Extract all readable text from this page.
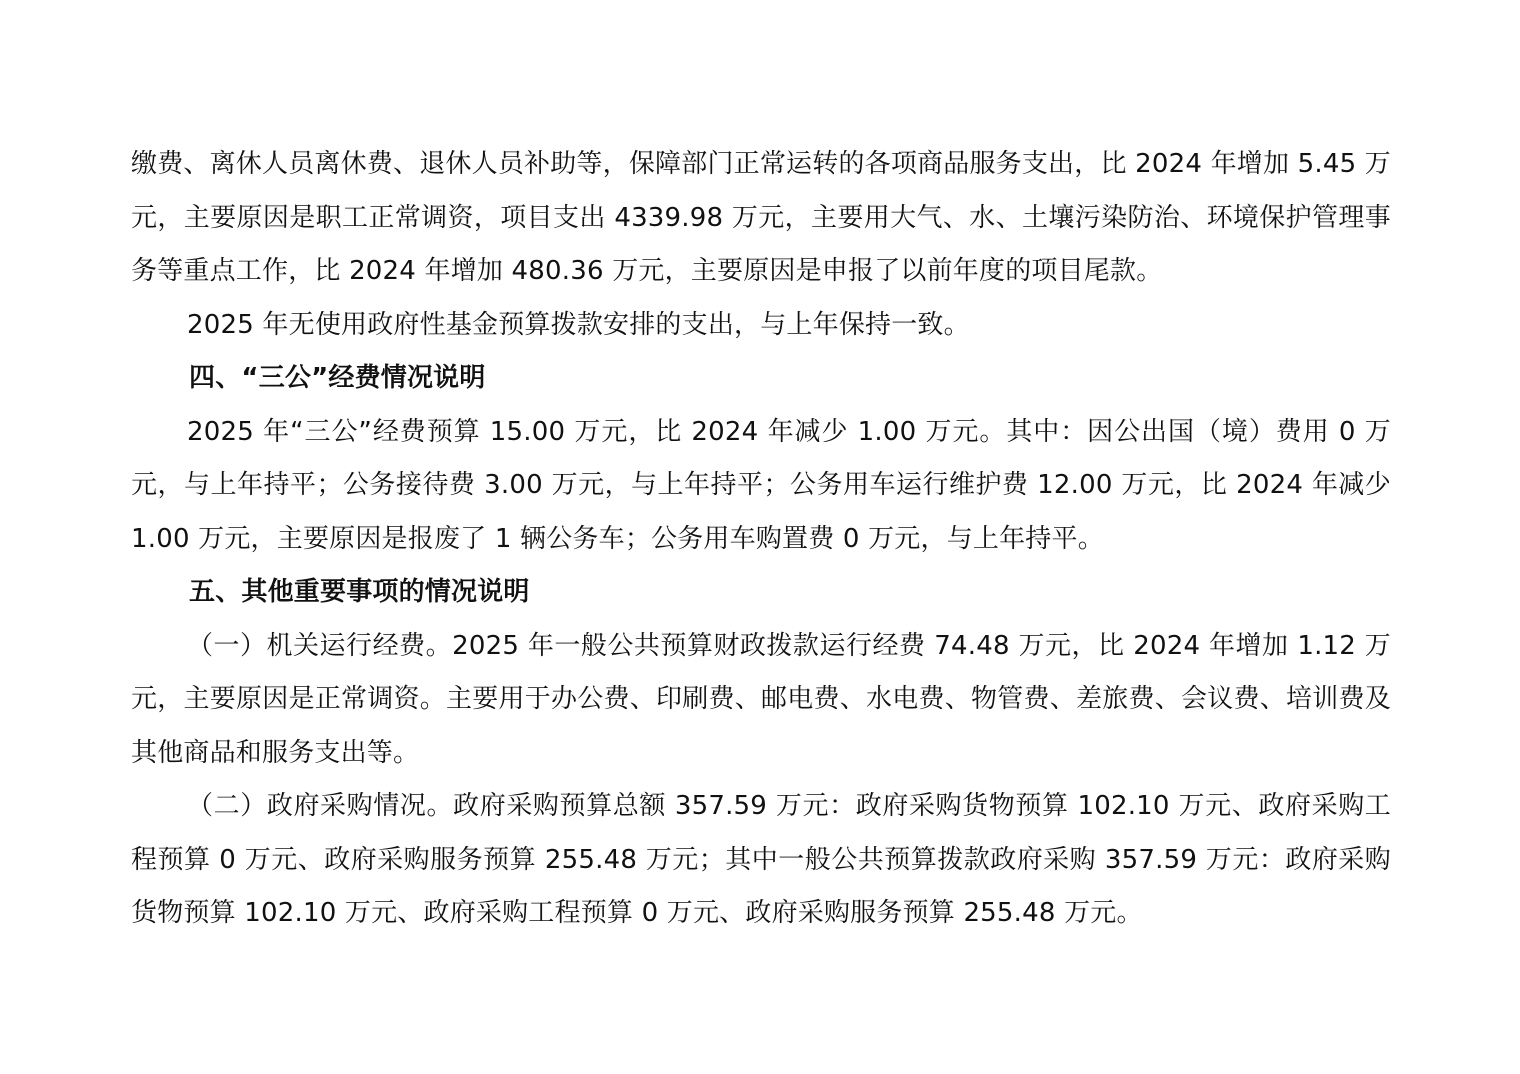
缴费、离休人员离休费、退休人员补助等，保障部门正常运转的各项商品服务支出，比 2024 年增加 5.45 万元，主要原因是职工正常调资，项目支出 4339.98 万元，主要用大气、水、土壤污染防治、环境保护管理事务等重点工作，比 2024 年增加 480.36 万元，主要原因是申报了以前年度的项目尾款。

2025 年无使用政府性基金预算拨款安排的支出，与上年保持一致。

四、“三公”经费情况说明

2025 年“三公”经费预算 15.00 万元，比 2024 年减少 1.00 万元。其中：因公出国（境）费用 0 万元，与上年持平；公务接待费 3.00 万元，与上年持平；公务用车运行维护费 12.00 万元，比 2024 年减少 1.00 万元，主要原因是报废了 1 辆公务车；公务用车购置费 0 万元，与上年持平。

五、其他重要事项的情况说明

（一）机关运行经费。2025 年一般公共预算财政拨款运行经费 74.48 万元，比 2024 年增加 1.12 万元，主要原因是正常调资。主要用于办公费、印刷费、邮电费、水电费、物管费、差旅费、会议费、培训费及其他商品和服务支出等。

（二）政府采购情况。政府采购预算总额 357.59 万元：政府采购货物预算 102.10 万元、政府采购工程预算 0 万元、政府采购服务预算 255.48 万元；其中一般公共预算拨款政府采购 357.59 万元：政府采购货物预算 102.10 万元、政府采购工程预算 0 万元、政府采购服务预算 255.48 万元。
